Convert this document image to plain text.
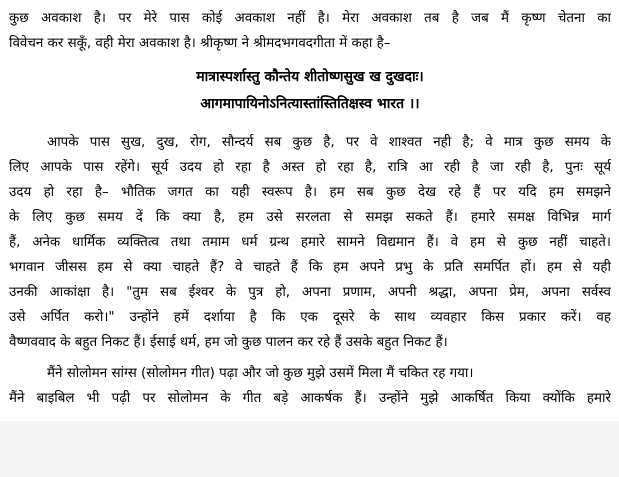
कुछ अवकाश है। पर मेरे पास कोई अवकाश नहीं है। मेरा अवकाश तब है जब मैं कृष्ण चेतना का
विवेचन कर सकूँ, वही मेरा अवकाश है। श्रीकृष्ण ने श्रीमदभगवदगीता में कहा है–

मात्रास्पर्शास्तु कौन्तेय शीतोष्णसुख ख दुखदाः।
आगमापायिनोऽनित्यास्तांस्तितिक्षस्व भारत ।।

आपके पास सुख, दुख, रोग, सौन्दर्य सब कुछ है, पर वे शाश्वत नही है; वे मात्र कुछ समय के
लिए आपके पास रहेंगे। सूर्य उदय हो रहा है अस्त हो रहा है, रात्रि आ रही है जा रही है, पुनः सूर्य
उदय हो रहा है– भौतिक जगत का यही स्वरूप है। हम सब कुछ देख रहे हैं पर यदि हम समझने
के लिए कुछ समय दें कि क्या है, हम उसे सरलता से समझ सकते हैं। हमारे समक्ष विभिन्न मार्ग
हैं, अनेक धार्मिक व्यक्तित्व तथा तमाम धर्म ग्रन्थ हमारे सामने विद्यमान हैं। वे हम से कुछ नहीं चाहते।
भगवान जीसस हम से क्या चाहते हैं? वे चाहते हैं कि हम अपने प्रभु के प्रति समर्पित हों। हम से यही
उनकी आकांक्षा है। "तुम सब ईश्वर के पुत्र हो, अपना प्रणाम, अपनी श्रद्धा, अपना प्रेम, अपना सर्वस्व
उसे अर्पित करो।" उन्होंने हमें दर्शाया है कि एक दूसरे के साथ व्यवहार किस प्रकार करें। वह
वैष्णववाद के बहुत निकट हैं। ईसाई धर्म, हम जो कुछ पालन कर रहे हैं उसके बहुत निकट हैं।

मैंने सोलोमन सांग्स (सोलोमन गीत) पढ़ा और जो कुछ मुझे उसमें मिला मैं चकित रह गया।
मैंने बाइबिल भी पढ़ी पर सोलोमन के गीत बड़े आकर्षक हैं। उन्होंने मुझे आकर्षित किया क्योंकि हमारे
